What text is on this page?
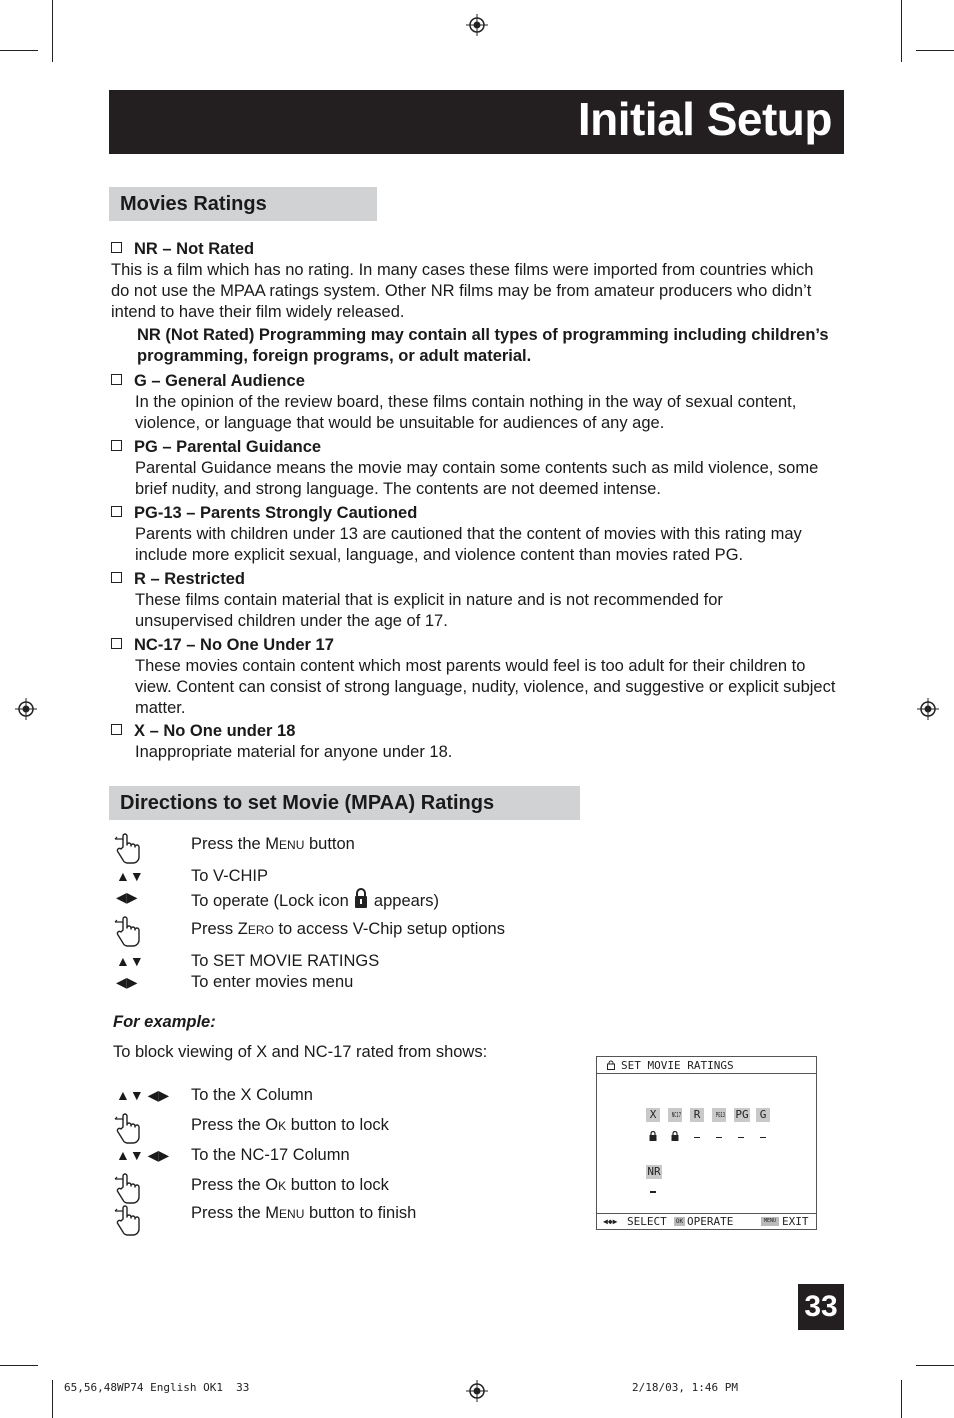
Initial Setup
Movies Ratings
NR – Not Rated
This is a film which has no rating. In many cases these films were imported from countries which do not use the MPAA ratings system. Other NR films may be from amateur producers who didn’t intend to have their film widely released.
NR (Not Rated) Programming may contain all types of programming including children’s programming, foreign programs, or adult material.
G – General Audience
In the opinion of the review board, these films contain nothing in the way of sexual content, violence, or language that would be unsuitable for audiences of any age.
PG – Parental Guidance
Parental Guidance means the movie may contain some contents such as mild violence, some brief nudity, and strong language. The contents are not deemed intense.
PG-13 – Parents Strongly Cautioned
Parents with children under 13 are cautioned that the content of movies with this rating may include more explicit sexual, language, and violence content than movies rated PG.
R – Restricted
These films contain material that is explicit in nature and is not recommended for unsupervised children under the age of 17.
NC-17 – No One Under 17
These movies contain content which most parents would feel is too adult for their children to view. Content can consist of strong language, nudity, violence, and suggestive or explicit subject matter.
X – No One under 18
Inappropriate material for anyone under 18.
Directions to set Movie (MPAA) Ratings
Press the Menu button
▲▼	To V-CHIP
◀▶	To operate (Lock icon  appears)
Press Zero to access V-Chip setup options
▲▼	To SET MOVIE RATINGS
◀▶	To enter movies menu
For example:
To block viewing of X and NC-17 rated from shows:
▲▼ ◀▶ To the X Column
Press the Ok button to lock
▲▼ ◀▶ To the NC-17 Column
Press the Ok button to lock
Press the Menu button to finish
SET MOVIE RATINGS
X	NC17	R	PG13 PG	G
NR
◀◆▶ SELECT	OK OPERATE	MENU EXIT
33
65,56,48WP74 English OK1  33	2/18/03, 1:46 PM
